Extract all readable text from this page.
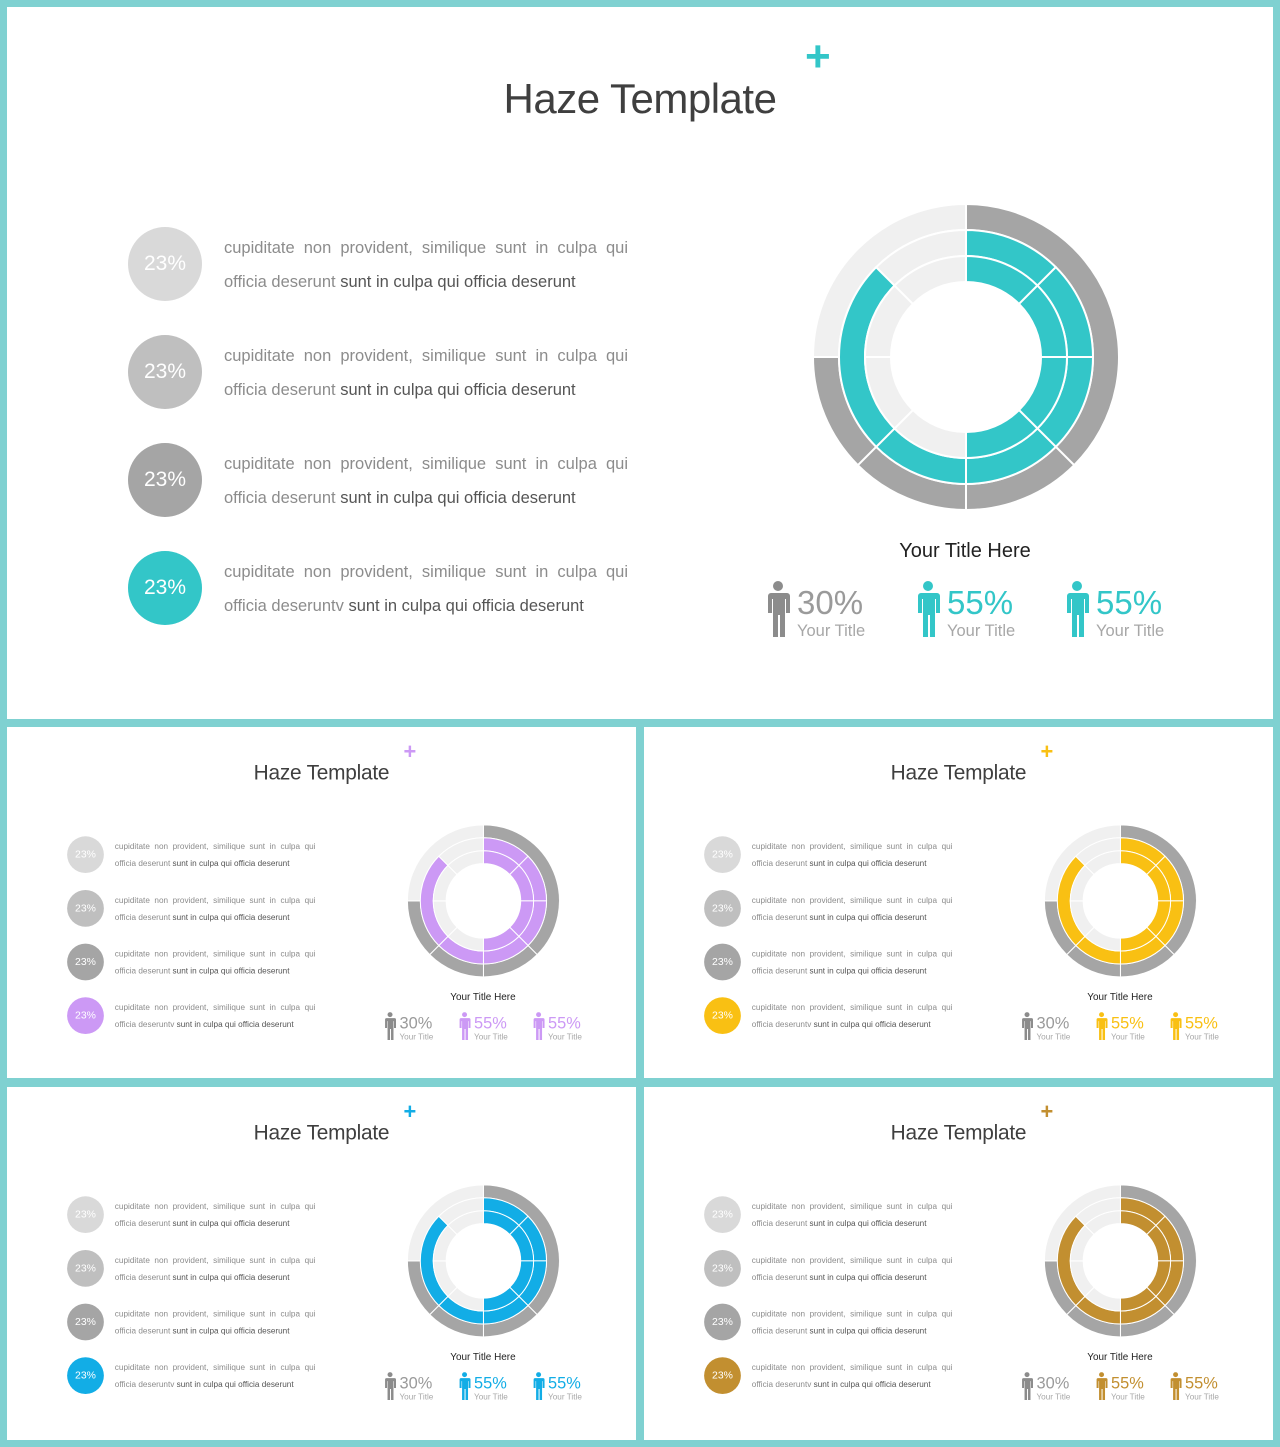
Haze Template
+
23%
cupiditate non provident, similique sunt in culpa qui
officia deserunt sunt in culpa qui officia deserunt
23%
cupiditate non provident, similique sunt in culpa qui
officia deserunt sunt in culpa qui officia deserunt
23%
cupiditate non provident, similique sunt in culpa qui
officia deserunt sunt in culpa qui officia deserunt
23%
cupiditate non provident, similique sunt in culpa qui
officia deseruntv sunt in culpa qui officia deserunt
Your Title Here
30%
Your Title
55%
Your Title
55%
Your Title
Haze Template
+
23%
cupiditate non provident, similique sunt in culpa qui
officia deserunt sunt in culpa qui officia deserunt
23%
cupiditate non provident, similique sunt in culpa qui
officia deserunt sunt in culpa qui officia deserunt
23%
cupiditate non provident, similique sunt in culpa qui
officia deserunt sunt in culpa qui officia deserunt
23%
cupiditate non provident, similique sunt in culpa qui
officia deseruntv sunt in culpa qui officia deserunt
Your Title Here
30%
Your Title
55%
Your Title
55%
Your Title
Haze Template
+
23%
cupiditate non provident, similique sunt in culpa qui
officia deserunt sunt in culpa qui officia deserunt
23%
cupiditate non provident, similique sunt in culpa qui
officia deserunt sunt in culpa qui officia deserunt
23%
cupiditate non provident, similique sunt in culpa qui
officia deserunt sunt in culpa qui officia deserunt
23%
cupiditate non provident, similique sunt in culpa qui
officia deseruntv sunt in culpa qui officia deserunt
Your Title Here
30%
Your Title
55%
Your Title
55%
Your Title
Haze Template
+
23%
cupiditate non provident, similique sunt in culpa qui
officia deserunt sunt in culpa qui officia deserunt
23%
cupiditate non provident, similique sunt in culpa qui
officia deserunt sunt in culpa qui officia deserunt
23%
cupiditate non provident, similique sunt in culpa qui
officia deserunt sunt in culpa qui officia deserunt
23%
cupiditate non provident, similique sunt in culpa qui
officia deseruntv sunt in culpa qui officia deserunt
Your Title Here
30%
Your Title
55%
Your Title
55%
Your Title
Haze Template
+
23%
cupiditate non provident, similique sunt in culpa qui
officia deserunt sunt in culpa qui officia deserunt
23%
cupiditate non provident, similique sunt in culpa qui
officia deserunt sunt in culpa qui officia deserunt
23%
cupiditate non provident, similique sunt in culpa qui
officia deserunt sunt in culpa qui officia deserunt
23%
cupiditate non provident, similique sunt in culpa qui
officia deseruntv sunt in culpa qui officia deserunt
Your Title Here
30%
Your Title
55%
Your Title
55%
Your Title
